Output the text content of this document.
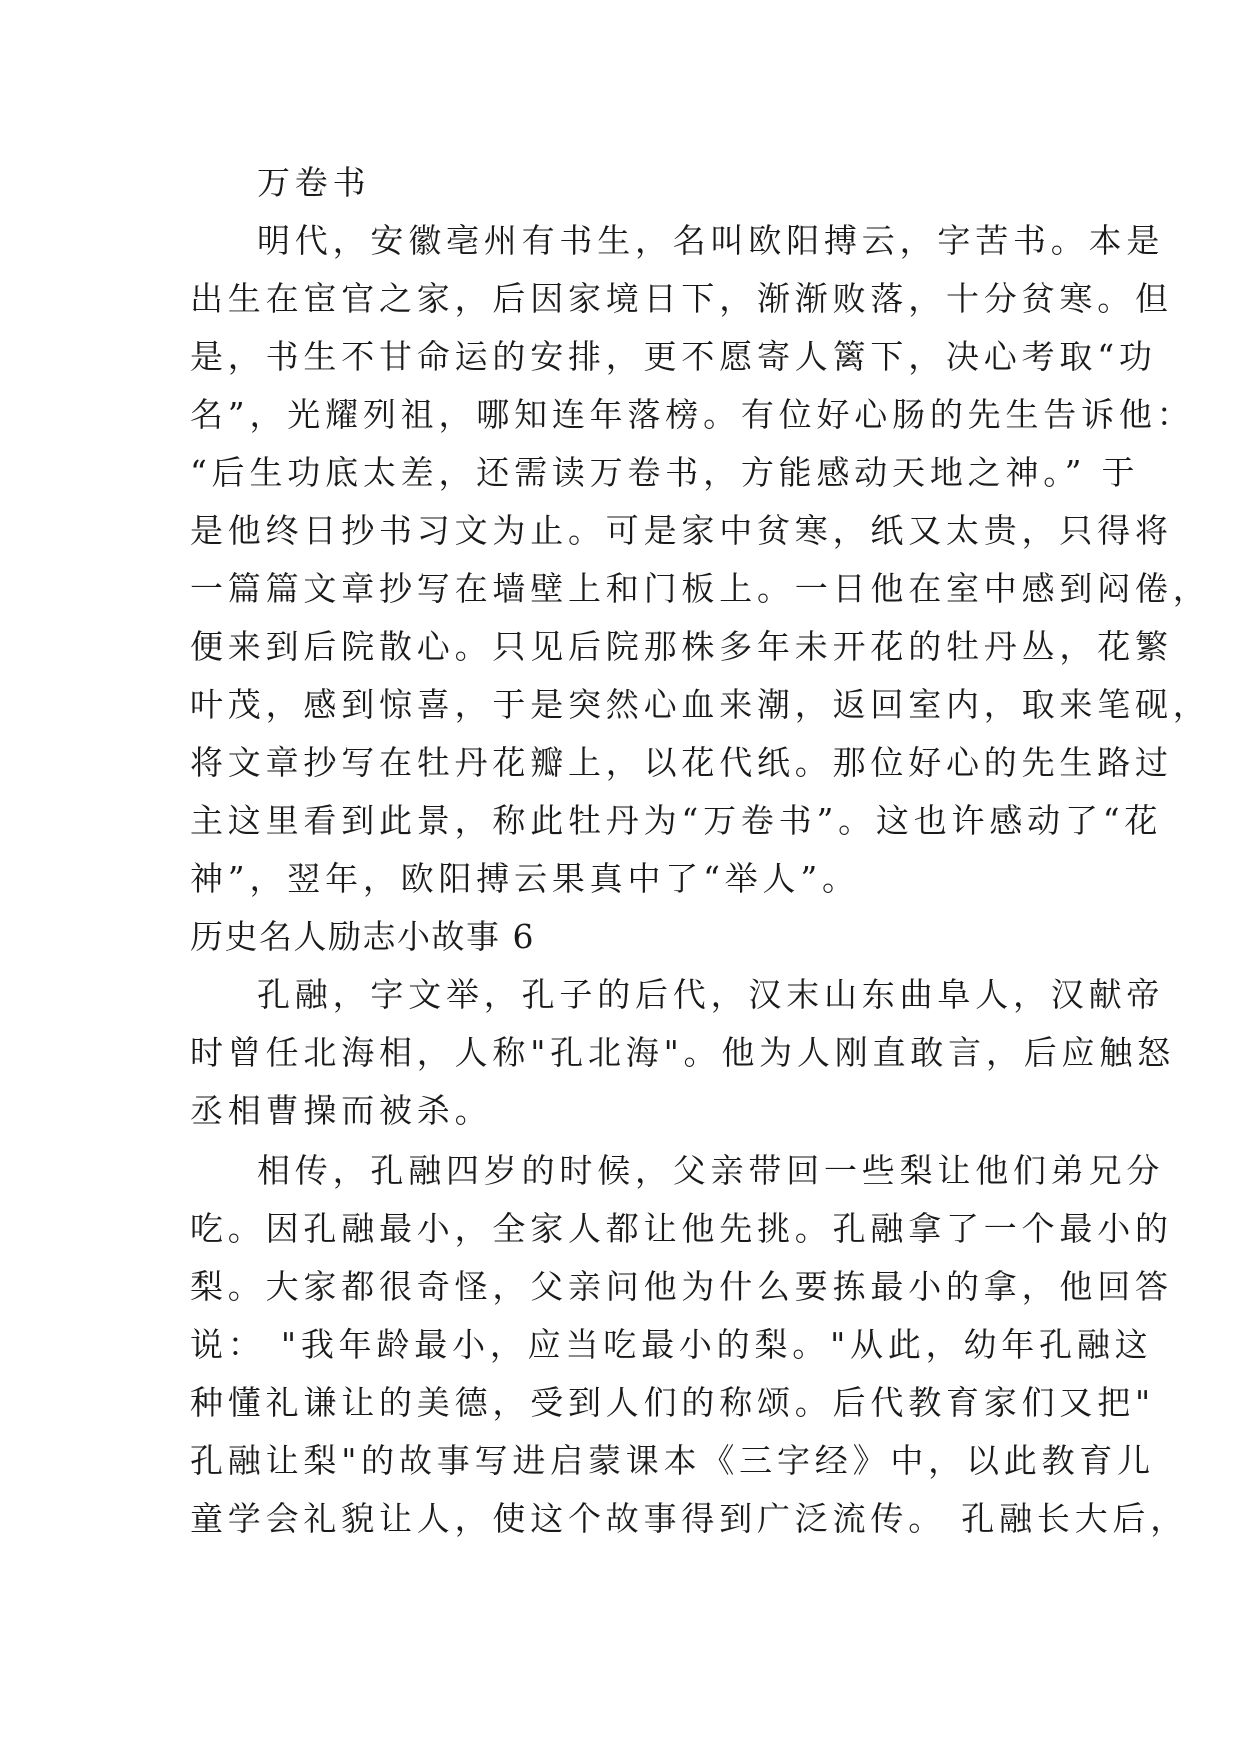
万卷书
明代，安徽亳州有书生，名叫欧阳搏云，字苦书。本是
出生在宦官之家，后因家境日下，渐渐败落，十分贫寒。但
是，书生不甘命运的安排，更不愿寄人篱下，决心考取“功
名”，光耀列祖，哪知连年落榜。有位好心肠的先生告诉他：
“后生功底太差，还需读万卷书，方能感动天地之神。” 于
是他终日抄书习文为止。可是家中贫寒，纸又太贵，只得将
一篇篇文章抄写在墙壁上和门板上。一日他在室中感到闷倦，
便来到后院散心。只见后院那株多年未开花的牡丹丛，花繁
叶茂，感到惊喜，于是突然心血来潮，返回室内，取来笔砚，
将文章抄写在牡丹花瓣上，以花代纸。那位好心的先生路过
主这里看到此景，称此牡丹为“万卷书”。这也许感动了“花
神”，翌年，欧阳搏云果真中了“举人”。
历史名人励志小故事 6
孔融，字文举，孔子的后代，汉末山东曲阜人，汉献帝
时曾任北海相，人称"孔北海"。他为人刚直敢言，后应触怒
丞相曹操而被杀。
相传，孔融四岁的时候，父亲带回一些梨让他们弟兄分
吃。因孔融最小，全家人都让他先挑。孔融拿了一个最小的
梨。大家都很奇怪，父亲问他为什么要拣最小的拿，他回答
说： "我年龄最小，应当吃最小的梨。"从此，幼年孔融这
种懂礼谦让的美德，受到人们的称颂。后代教育家们又把"
孔融让梨"的故事写进启蒙课本《三字经》中，以此教育儿
童学会礼貌让人，使这个故事得到广泛流传。 孔融长大后，
